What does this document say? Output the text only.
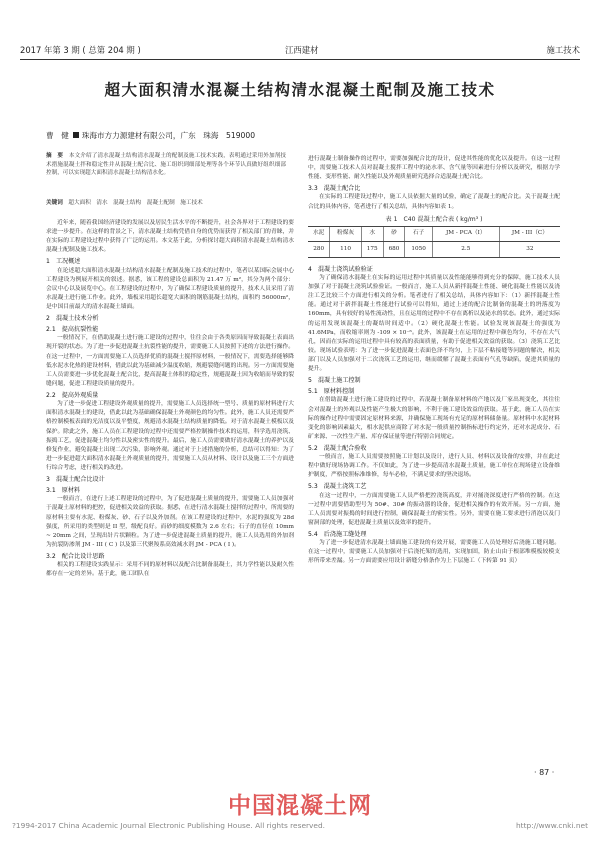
2017 年第 3 期 ( 总第 204 期 )	江西建材	施工技术
超大面积清水混凝土结构清水混凝土配制及施工技术
曹　健 珠海市方力源建材有限公司，广东　珠海　519000
摘　要　 本文介绍了清水混凝土结构清水混凝土的配制及施工技术实践，表明通过采用外加剂技术措施混凝土拌和稳定性并从混凝土配合比、施工组织到细部处理等各个环节认真做好组织细部控制，可以实现超大面积清水混凝土结构清水化。
关键词　 超大面积　清水　混凝土结构　混凝土配制　施工技术

近年来，随着我国经济建设的发展以及居民生活水平的不断提升，社会各界对于工程建设的要求进一步提升。在这样的背景之下，清水混凝土结构凭借自身的优势而获得了相关部门的青睐，并在实际的工程建设过程中获得了广泛的运用。本文基于此，分析探讨超大面积清水混凝土结构清水混凝土配制及施工技术。

1　工况概述

在论述超大面积清水混凝土结构清水混凝土配制及施工技术的过程中，笔者以某国际会展中心工程建设为例展开相关的叙述。据悉，该工程的建设总面积为 21.47 万 m²，其分为两个部分：会议中心以及展览中心。在工程建设的过程中，为了确保工程建设质量的提升，技术人员采用了清水混凝土进行施工作业。此外，墙板采用超长超宽大面积的钢筋混凝土结构，面积约 56000m²，是中国目前最大的清水混凝土墙面。

2　混凝土技术分析

2.1　提高抗裂性能

一般情况下，在借助混凝土进行施工建设的过程中，往往会由于各类原因而导致混凝土表面出现开裂的状态。为了进一步促进混凝土抗裂性能的提升，需要施工人员按照下述的方法进行操作。在这一过程中，一方面需要施工人员选择优质的混凝土搅拌原材料，一般情况下，需要选择能够降低水泥水化热的建设材料，借此以此为基础减少温度收缩，规避裂缝问题的出现。另一方面需要施工人员需要进一步优化混凝土配合比，提高混凝土体积的稳定性，规避混凝土因为收缩而导致的裂缝问题，促进工程建设质量的提升。

2.2　提高外观质量

为了进一步促进工程建设外观质量的提升，需要施工人员选择统一型号、质量的原材料进行大面积清水混凝土的建设，借此以此为基础确保混凝土外观颜色的均匀性。此外，施工人员还需要严格控制模板表面的光洁度以及平整度，规避清水混凝土结构质量的降低。对于清水混凝土模板以及保护。除此之外，施工人员在工程建设的过程中还需要严格控制操作技术的运用，科学选用浇筑、振捣工艺，促进混凝土均匀性以及密实性的提升。最后，施工人员需要做好清水混凝土的养护以及修复作业，避免混凝土出现二次污染，影响外观。通过对于上述措施的分析，总结可以得知：为了进一步促进超大面积清水混凝土外观质量的提升，需要施工人员从材料、设计以及施工三个方面进行综合考虑，进行相关的改进。

3　混凝土配合比设计

3.1　原材料

一般而言，在进行上述工程建设的过程中，为了促进混凝土质量的提升，需要施工人员加强对于混凝土原材料的把控，促进相关效益的获取。据悉，在进行清水混凝土搅拌的过程中，所需要的原材料主要有水泥、粉煤灰、砂、石子以及外加剂。在该工程建设的过程中，水泥的强度为 28d 强度，所采用的类型则是 II 型，级配良好。而砂的细度模数为 2.6 左右；石子的直径在 10mm ~ 20mm 之间，呈现出针片状颗粒。为了进一步促进混凝土质量的提升，施工人员选用的外加剂为抗裂防渗剂 JM - III ( C ) 以及第三代聚羧系高效减水剂 JM - PCA ( I )。

3.2　配合比设计思路

相关的工程建设实践显示：采用不同的原材料以及配合比制备混凝土，其力学性能以及耐久性都存在一定的差异。基于此，施工团队在

进行混凝土制备操作的过程中，需要加强配合比的设计，促进其性能的优化以及提升。在这一过程中，需要施工技术人员对混凝土搅拌工程中的泌水率、含气量等因素进行分析以及研究，根据力学性能、变形性能、耐久性能以及外观质量研究选择合适混凝土配合比。

3.3　混凝土配合比

在实际的工程建设过程中，施工人员依据大量的试验，确定了混凝土的配合比。关于混凝土配合比的具体内容，笔者进行了相关总结，具体内容如表 1。

表 1　C40 混凝土配合表 ( kg/m³ )

水泥	粉煤灰	水	砂	石子	JM - PCA（I）	JM - III（C）
280	110	175	680	1050	2.5	32

4　混凝土浇筑试验验证

为了确保清水混凝土在实际的运用过程中其质量以及性能能够得到充分的保障，施工技术人员加强了对于混凝土浇筑试验验证。一般而言，施工人员从新拌混凝土性能、硬化混凝土性能以及浇注工艺比较三个方面进行相关的分析。笔者进行了相关总结，具体内容如下：（1）新拌混凝土性能。通过对于新拌混凝土性能进行试验可以得知，通过上述的配合比制备的混凝土的坍落度为 160mm，具有较好的易性流动性，且在运用的过程中不存在离析以及泌水的状态。此外，通过实际的运用发现该混凝土的凝结时间适中。（2）硬化混凝土性能。试验发现该混凝土的强度为 41.6MPa，而收缩率则为 -109 × 10⁻⁶。此外，该混凝土在运用的过程中颜色均匀，不存在大气孔，因而在实际的运用过程中具有较高的表面质量，有助于促进相关效益的获取。（3）浇筑工艺比较。现场试验表明：为了进一步促进混凝土表面色泽不均匀，上下层不粘接缝等问题的解决，相关部门以及人员加强对于二次浇筑工艺的运用，继而缓解了混凝土表面有气孔等缺陷，促进其质量的提升。

5　混凝土施工控制

5.1　原材料控制

在借助混凝土进行施工建设的过程中，若混凝土制备原材料的产地以及厂家出现变化，其往往会对混凝土的外观以及性能产生极大的影响，不利于施工建设效益的获取。基于此，施工人员在实际的操作过程中需要固定原材料来源，并确保施工现场有充足的原材料储备量。原材料中水泥材料变化的影响因素最大，相水泥供应商除了对水泥一般质量控制指标进行约定外，还对水泥成分、石矿来源、一次性生产量、库存保证量等进行特别合同规定。

5.2　混凝土配合验收

一般而言，施工人员需要按照施工计划以及设计，进行人员、材料以及设备的安排，并在此过程中做好现场协调工作。不仅如此，为了进一步提高清水混凝土质量，施工单位在现场建立设备维护制度，严格按照标准维修，每车必检，不满足要求的坚决退场。

5.3　混凝土浇筑工艺

在这一过程中，一方面需要施工人员严格把控浇筑高度，并对捅浇深度进行严格的控制。在这一过程中需要借助型号为 50#、30# 的振动器的设备，促进相关操作的有效开展。另一方面，施工人员需要对振捣的时间进行控制，确保混凝土的密实性。另外，需要在施工要求进行消泡以及门窗洞部的处理，促进混凝土质量以及效率的提升。

5.4　后浇施工缝处理

为了进一步促进清水混凝土墙面施工建设的有效开展，需要施工人员处理好后浇施工缝问题。在这一过程中，需要施工人员加强对于后浇托架的选用，实现加固，防止山由于根部堆模板较模支形所带来差漏。另一方面需要应用设计新缝分格条作为上下层施工（下转第 91 页）

· 87 ·
中国混凝土网
?1994-2017 China Academic Journal Electronic Publishing House. All rights reserved.	http://www.cnki.net
